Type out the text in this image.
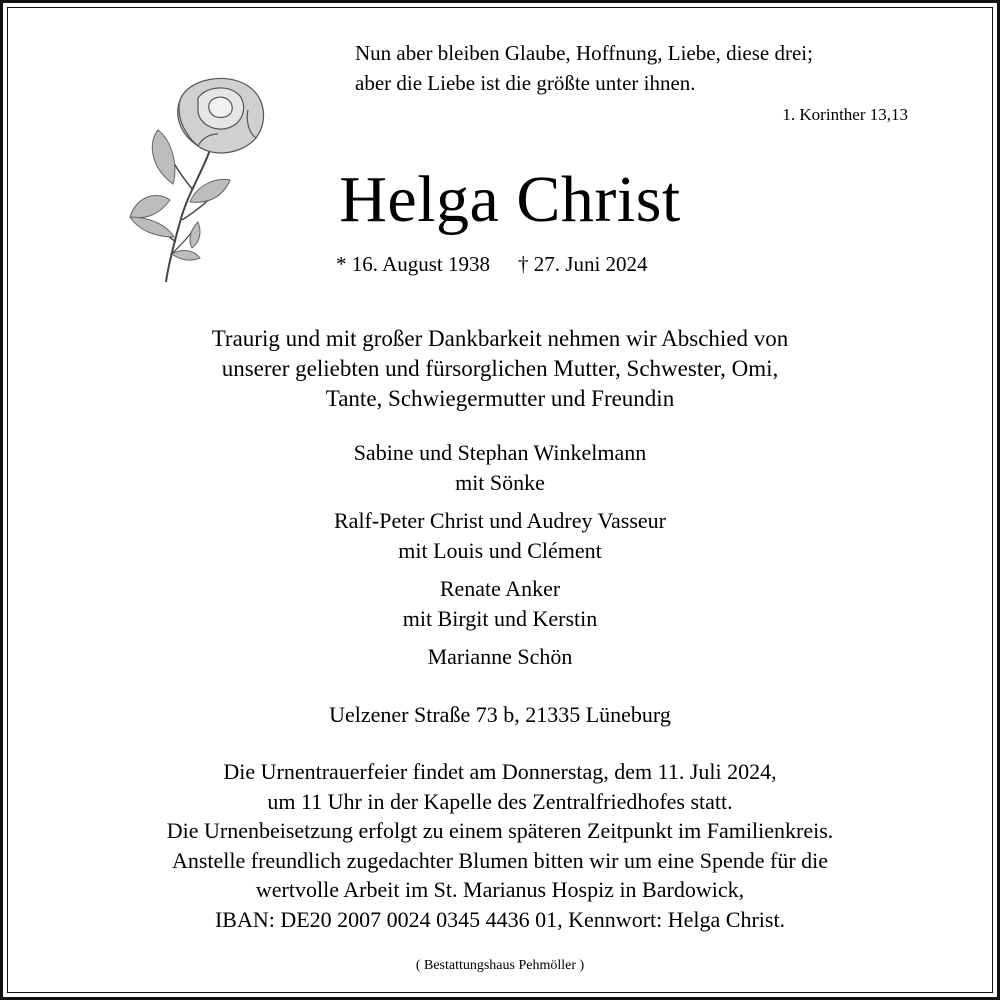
Nun aber bleiben Glaube, Hoffnung, Liebe, diese drei;
aber die Liebe ist die größte unter ihnen.
1. Korinther 13,13
Helga Christ
* 16. August 1938 † 27. Juni 2024
Traurig und mit großer Dankbarkeit nehmen wir Abschied von
unserer geliebten und fürsorglichen Mutter, Schwester, Omi,
Tante, Schwiegermutter und Freundin
Sabine und Stephan Winkelmann
mit Sönke
Ralf-Peter Christ und Audrey Vasseur
mit Louis und Clément
Renate Anker
mit Birgit und Kerstin
Marianne Schön
Uelzener Straße 73 b, 21335 Lüneburg
Die Urnentrauerfeier findet am Donnerstag, dem 11. Juli 2024,
um 11 Uhr in der Kapelle des Zentralfriedhofes statt.
Die Urnenbeisetzung erfolgt zu einem späteren Zeitpunkt im Familienkreis.
Anstelle freundlich zugedachter Blumen bitten wir um eine Spende für die
wertvolle Arbeit im St. Marianus Hospiz in Bardowick,
IBAN: DE20 2007 0024 0345 4436 01, Kennwort: Helga Christ.
( Bestattungshaus Pehmöller )
